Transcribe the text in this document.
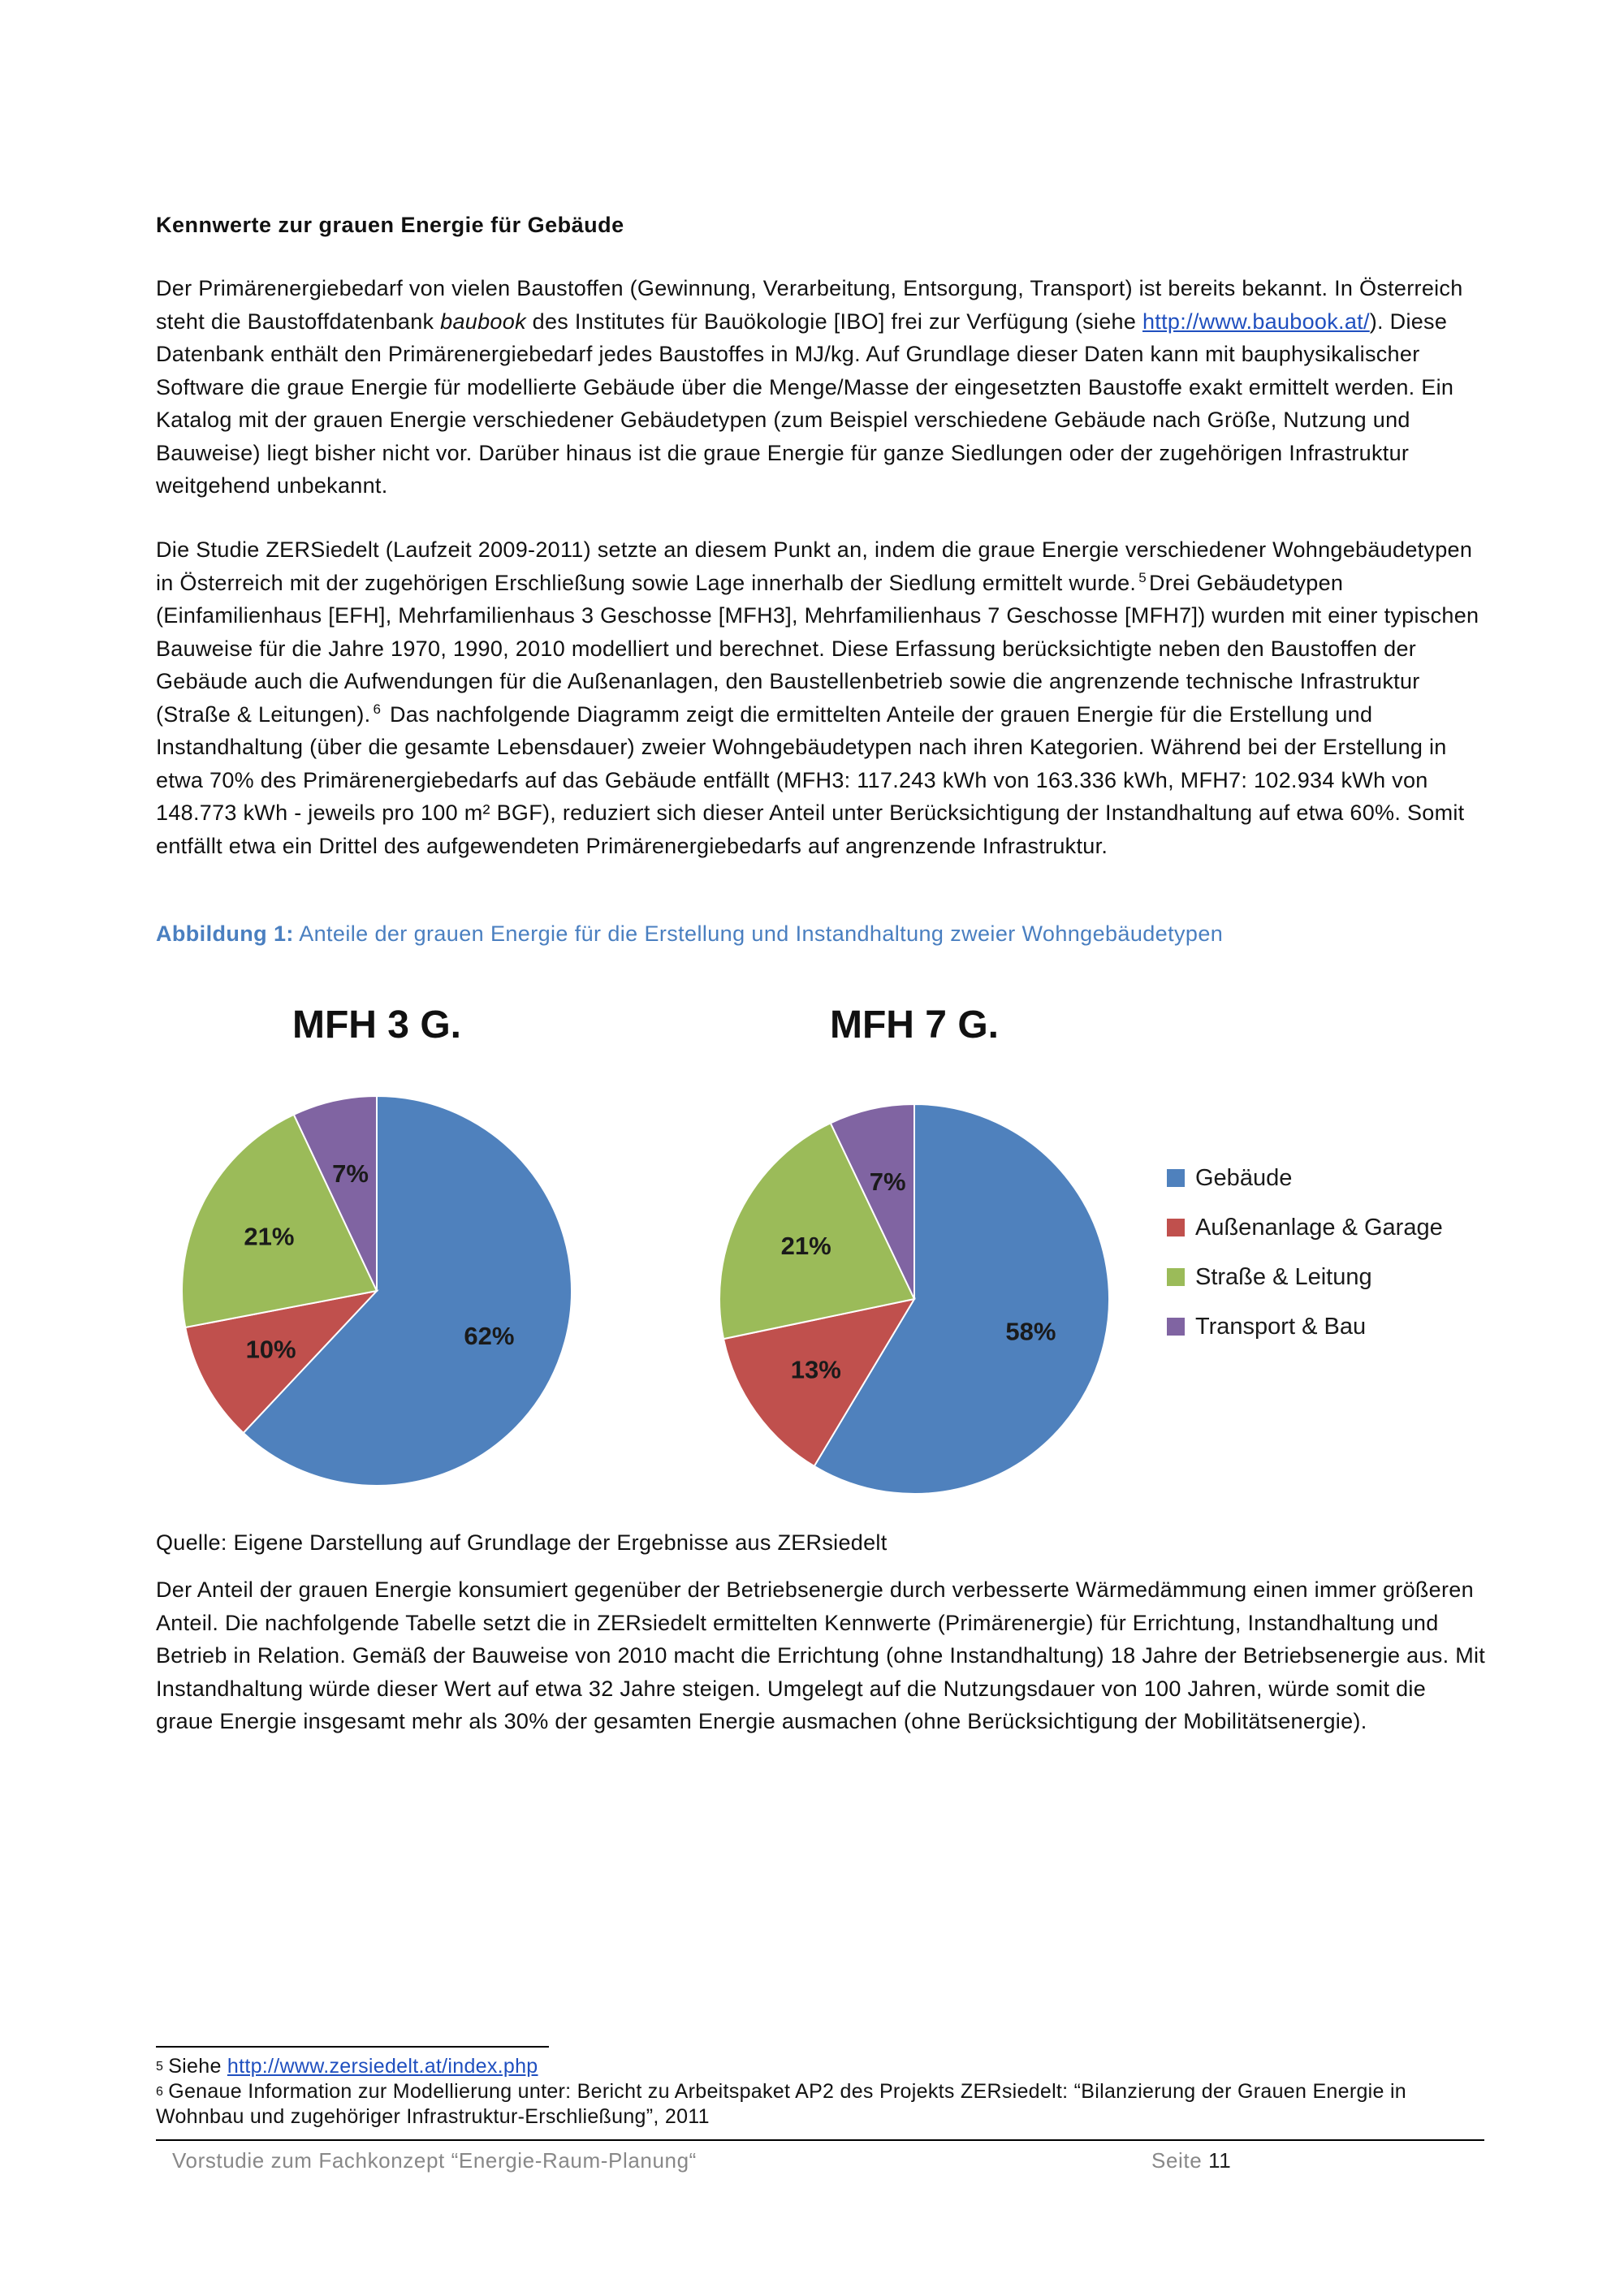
Kennwerte zur grauen Energie für Gebäude
Der Primärenergiebedarf von vielen Baustoffen (Gewinnung, Verarbeitung, Entsorgung, Transport) ist bereits bekannt. In Österreich steht die Baustoffdatenbank baubook des Institutes für Bauökologie [IBO] frei zur Verfügung (siehe http://www.baubook.at/). Diese Datenbank enthält den Primärenergiebedarf jedes Baustoffes in MJ/kg. Auf Grundlage dieser Daten kann mit bauphysikalischer Software die graue Energie für modellierte Gebäude über die Menge/Masse der eingesetzten Baustoffe exakt ermittelt werden. Ein Katalog mit der grauen Energie verschiedener Gebäudetypen (zum Beispiel verschiedene Gebäude nach Größe, Nutzung und Bauweise) liegt bisher nicht vor. Darüber hinaus ist die graue Energie für ganze Siedlungen oder der zugehörigen Infrastruktur weitgehend unbekannt.
Die Studie ZERSiedelt (Laufzeit 2009-2011) setzte an diesem Punkt an, indem die graue Energie verschiedener Wohngebäudetypen in Österreich mit der zugehörigen Erschließung sowie Lage innerhalb der Siedlung ermittelt wurde. $^5$ Drei Gebäudetypen (Einfamilienhaus [EFH], Mehrfamilienhaus 3 Geschosse [MFH3], Mehrfamilienhaus 7 Geschosse [MFH7]) wurden mit einer typischen Bauweise für die Jahre 1970, 1990, 2010 modelliert und berechnet. Diese Erfassung berücksichtigte neben den Baustoffen der Gebäude auch die Aufwendungen für die Außenanlagen, den Baustellenbetrieb sowie die angrenzende technische Infrastruktur (Straße & Leitungen). $^6$ Das nachfolgende Diagramm zeigt die ermittelten Anteile der grauen Energie für die Erstellung und Instandhaltung (über die gesamte Lebensdauer) zweier Wohngebäudetypen nach ihren Kategorien. Während bei der Erstellung in etwa 70% des Primärenergiebedarfs auf das Gebäude entfällt (MFH3: 117.243 kWh von 163.336 kWh, MFH7: 102.934 kWh von 148.773 kWh - jeweils pro 100 m² BGF), reduziert sich dieser Anteil unter Berücksichtigung der Instandhaltung auf etwa 60%. Somit entfällt etwa ein Drittel des aufgewendeten Primärenergiebedarfs auf angrenzende Infrastruktur.
Abbildung 1: Anteile der grauen Energie für die Erstellung und Instandhaltung zweier Wohngebäudetypen
MFH 3 G.
62%
10%
21%
7%
MFH 7 G.
58%
13%
21%
7%	Gebäude
Außenanlage & Garage
Straße & Leitung
Transport & Bau
Quelle: Eigene Darstellung auf Grundlage der Ergebnisse aus ZERsiedelt
Der Anteil der grauen Energie konsumiert gegenüber der Betriebsenergie durch verbesserte Wärmedämmung einen immer größeren Anteil. Die nachfolgende Tabelle setzt die in ZERsiedelt ermittelten Kennwerte (Primärenergie) für Errichtung, Instandhaltung und Betrieb in Relation. Gemäß der Bauweise von 2010 macht die Errichtung (ohne Instandhaltung) 18 Jahre der Betriebsenergie aus. Mit Instandhaltung würde dieser Wert auf etwa 32 Jahre steigen. Umgelegt auf die Nutzungsdauer von 100 Jahren, würde somit die graue Energie insgesamt mehr als 30% der gesamten Energie ausmachen (ohne Berücksichtigung der Mobilitätsenergie).
$^5$ Siehe http://www.zersiedelt.at/index.php
$^6$ Genaue Information zur Modellierung unter: Bericht zu Arbeitspaket AP2 des Projekts ZERsiedelt: “Bilanzierung der Grauen Energie in Wohnbau und zugehöriger Infrastruktur-Erschließung”, 2011
Vorstudie zum Fachkonzept “Energie-Raum-Planung“	Seite 11
